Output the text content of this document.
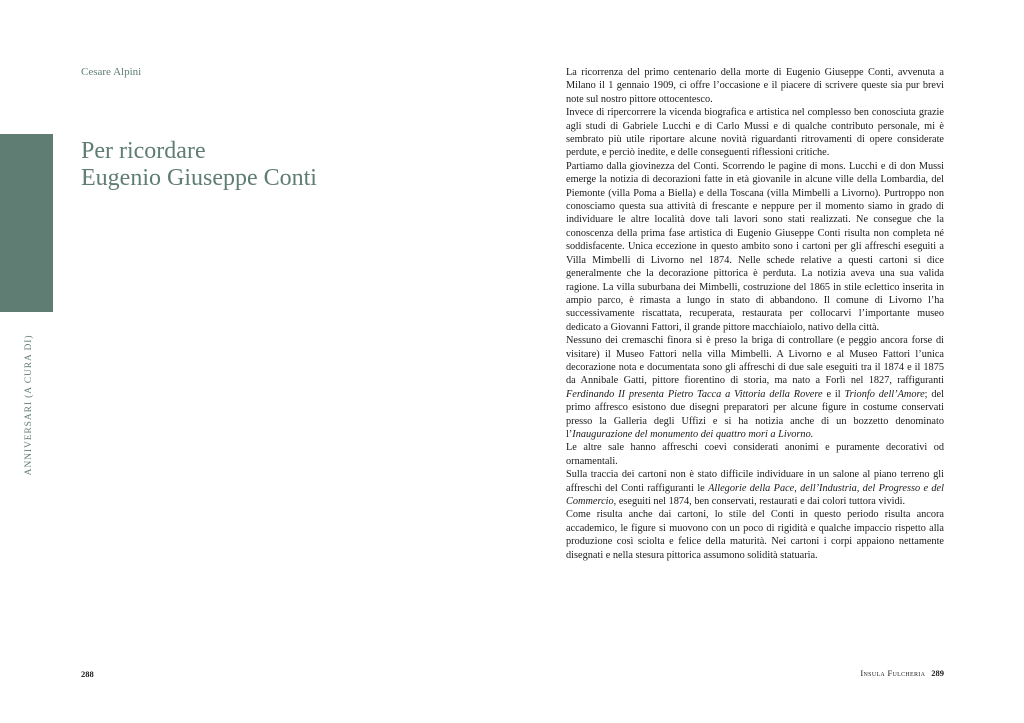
ANNIVERSARI (A CURA DI)
Cesare Alpini
Per ricordare
Eugenio Giuseppe Conti

La ricorrenza del primo centenario della morte di Eugenio Giuseppe Conti, avvenuta a Milano il 1 gennaio 1909, ci offre l’occasione e il piacere di scrivere queste sia pur brevi note sul nostro pittore ottocentesco.

Invece di ripercorrere la vicenda biografica e artistica nel complesso ben conosciuta grazie agli studi di Gabriele Lucchi e di Carlo Mussi e di qualche contributo personale, mi è sembrato più utile riportare alcune novità riguardanti ritrovamenti di opere considerate perdute, e perciò inedite, e delle conseguenti riflessioni critiche.

Partiamo dalla giovinezza del Conti. Scorrendo le pagine di mons. Lucchi e di don Mussi emerge la notizia di decorazioni fatte in età giovanile in alcune ville della Lombardia, del Piemonte (villa Poma a Biella) e della Toscana (villa Mimbelli a Livorno). Purtroppo non conosciamo questa sua attività di frescante e neppure per il momento siamo in grado di individuare le altre località dove tali lavori sono stati realizzati. Ne consegue che la conoscenza della prima fase artistica di Eugenio Giuseppe Conti risulta non completa né soddisfacente. Unica eccezione in questo ambito sono i cartoni per gli affreschi eseguiti a Villa Mimbelli di Livorno nel 1874. Nelle schede relative a questi cartoni si dice generalmente che la decorazione pittorica è perduta. La notizia aveva una sua valida ragione. La villa suburbana dei Mimbelli, costruzione del 1865 in stile eclettico inserita in ampio parco, è rimasta a lungo in stato di abbandono. Il comune di Livorno l’ha successivamente riscattata, recuperata, restaurata per collocarvi l’importante museo dedicato a Giovanni Fattori, il grande pittore macchiaiolo, nativo della città.

Nessuno dei cremaschi finora si è preso la briga di controllare (e peggio ancora forse di visitare) il Museo Fattori nella villa Mimbelli. A Livorno e al Museo Fattori l’unica decorazione nota e documentata sono gli affreschi di due sale eseguiti tra il 1874 e il 1875 da Annibale Gatti, pittore fiorentino di storia, ma nato a Forlì nel 1827, raffiguranti Ferdinando II presenta Pietro Tacca a Vittoria della Rovere e il Trionfo dell’Amore; del primo affresco esistono due disegni preparatori per alcune figure in costume conservati presso la Galleria degli Uffizi e si ha notizia anche di un bozzetto denominato l’Inaugurazione del monumento dei quattro mori a Livorno.

Le altre sale hanno affreschi coevi considerati anonimi e puramente decorativi od ornamentali.

Sulla traccia dei cartoni non è stato difficile individuare in un salone al piano terreno gli affreschi del Conti raffiguranti le Allegorie della Pace, dell’Industria, del Progresso e del Commercio, eseguiti nel 1874, ben conservati, restaurati e dai colori tuttora vividi.

Come risulta anche dai cartoni, lo stile del Conti in questo periodo risulta ancora accademico, le figure si muovono con un poco di rigidità e qualche impaccio rispetto alla produzione così sciolta e felice della maturità. Nei cartoni i corpi appaiono nettamente disegnati e nella stesura pittorica assumono solidità statuaria.

288	Insula Fulcheria 289
